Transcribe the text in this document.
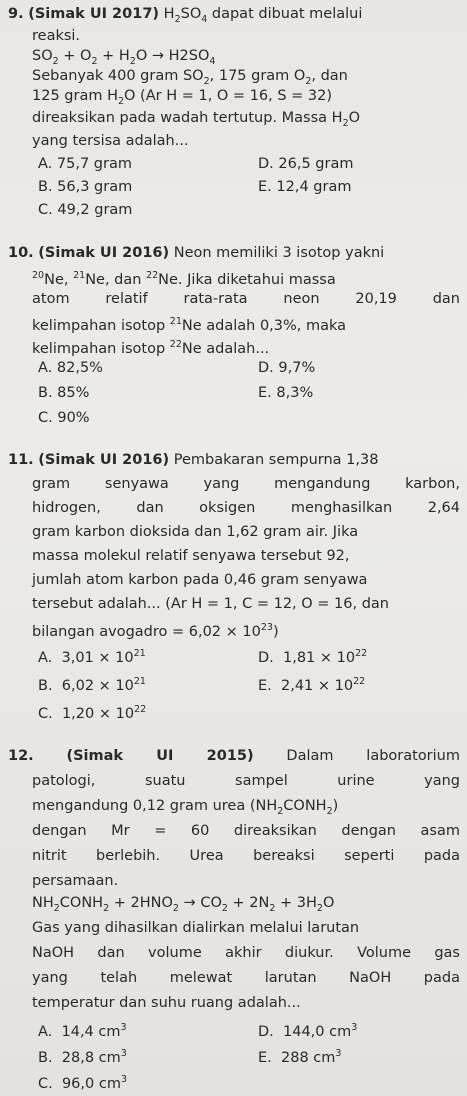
9. (Simak UI 2017) $H_2SO_4$ dapat dibuat melalui
reaksi.
$SO_2 + O_2 + H_2O \to H2SO_4$
Sebanyak 400 gram $SO_2$, 175 gram $O_2$, dan
125 gram $H_2O$ (Ar H = 1, O = 16, S = 32)
direaksikan pada wadah tertutup. Massa $H_2O$
yang tersisa adalah...
A. 75,7 gram
B. 56,3 gram
C. 49,2 gram
D. 26,5 gram
E. 12,4 gram
10. (Simak UI 2016) Neon memiliki 3 isotop yakni
$^{20}$Ne, $^{21}$Ne, dan $^{22}$Ne. Jika diketahui massa
atom relatif rata-rata neon 20,19 dan
kelimpahan isotop $^{21}$Ne adalah 0,3%, maka
kelimpahan isotop $^{22}$Ne adalah...
A. 82,5%
B. 85%
C. 90%
D. 9,7%
E. 8,3%
11. (Simak UI 2016) Pembakaran sempurna 1,38
gram senyawa yang mengandung karbon,
hidrogen, dan oksigen menghasilkan 2,64
gram karbon dioksida dan 1,62 gram air. Jika
massa molekul relatif senyawa tersebut 92,
jumlah atom karbon pada 0,46 gram senyawa
tersebut adalah... (Ar H = 1, C = 12, O = 16, dan
bilangan avogadro = $6,02 \times 10^{23}$)
A.  $3,01 \times 10^{21}$
B.  $6,02 \times 10^{21}$
C.  $1,20 \times 10^{22}$
D.  $1,81 \times 10^{22}$
E.  $2,41 \times 10^{22}$
12. (Simak UI 2015) Dalam laboratorium
patologi, suatu sampel urine yang
mengandung 0,12 gram urea $(NH_2CONH_2)$
dengan Mr = 60 direaksikan dengan asam
nitrit berlebih. Urea bereaksi seperti pada
persamaan.
$NH_2CONH_2 + 2HNO_2 \to CO_2 + 2N_2 + 3H_2O$
Gas yang dihasilkan dialirkan melalui larutan
NaOH dan volume akhir diukur. Volume gas
yang telah melewat larutan NaOH pada
temperatur dan suhu ruang adalah...
A.  14,4 $cm^3$
B.  28,8 $cm^3$
C.  96,0 $cm^3$
D.  144,0 $cm^3$
E.  288 $cm^3$
